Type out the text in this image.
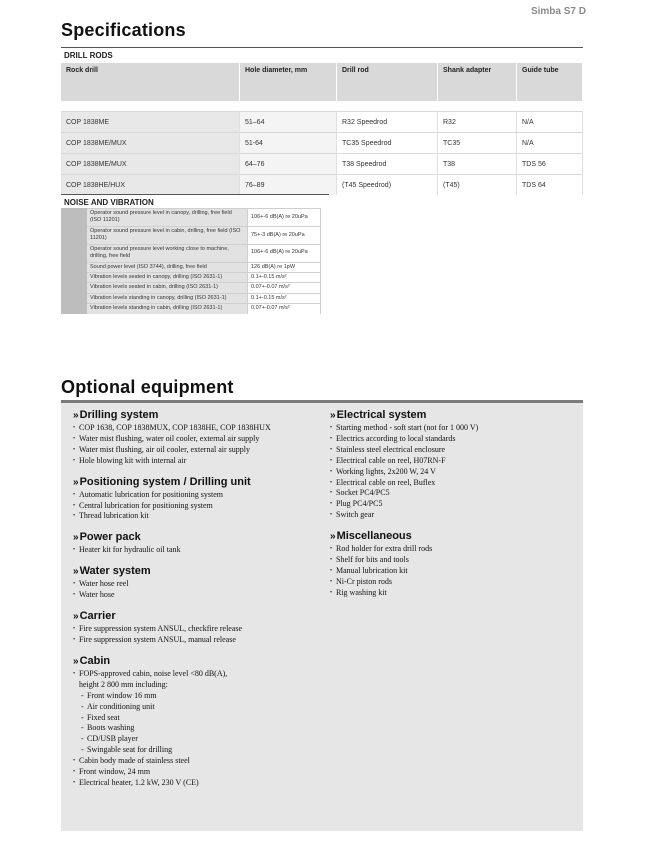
Simba S7 D
Specifications
DRILL RODS
Rock drill	Hole diameter, mm	Drill rod	Shank adapter	Guide tube

COP 1838ME	51–64	R32 Speedrod	R32	N/A
COP 1838ME/MUX	51-64	TC35 Speedrod	TC35	N/A
COP 1838ME/MUX	64–76	T38 Speedrod	T38	TDS 56
COP 1838HE/HUX	76–89	(T45 Speedrod)	(T45)	TDS 64
NOISE AND VIBRATION
	Operator sound pressure level in canopy, drilling, free field (ISO 11201)	106+-6 dB(A) re 20uPa
	Operator sound pressure level in cabin, drilling, free field (ISO 11201)	75+-3 dB(A) re 20uPa
	Operator sound pressure level working close to machine, drilling, free field	106+-6 dB(A) re 20uPa
	Sound power level (ISO 3744), drilling, free field	126 dB(A) re 1pW
	Vibration levels seated in canopy, drilling (ISO 2631-1)	0.1+-0.15 m/s²
	Vibration levels seated in cabin, drilling (ISO 2631-1)	0.07+-0.07 m/s²
	Vibration levels standing in canopy, drilling (ISO 2631-1)	0.1+-0.15 m/s²
	Vibration levels standing in cabin, drilling (ISO 2631-1)	0.07+-0.07 m/s²
Optional equipment
»Drilling system
• COP 1638, COP 1838MUX, COP 1838HE, COP 1838HUX
• Water mist flushing, water oil cooler, external air supply
• Water mist flushing, air oil cooler, external air supply
• Hole blowing kit with internal air
»Positioning system / Drilling unit
• Automatic lubrication for positioning system
• Central lubrication for positioning system
• Thread lubrication kit
»Power pack
• Heater kit for hydraulic oil tank
»Water system
• Water hose reel
• Water hose
»Carrier
• Fire suppression system ANSUL, checkfire release
• Fire suppression system ANSUL, manual release
»Cabin
• FOPS-approved cabin, noise level <80 dB(A),
height 2 800 mm including:
- Front window 16 mm
- Air conditioning unit
- Fixed seat
- Boots washing
- CD/USB player
- Swingable seat for drilling
• Cabin body made of stainless steel
• Front window, 24 mm
• Electrical heater, 1.2 kW, 230 V (CE)
»Electrical system
• Starting method - soft start (not for 1 000 V)
• Electrics according to local standards
• Stainless steel electrical enclosure
• Electrical cable on reel, H07RN-F
• Working lights, 2x200 W, 24 V
• Electrical cable on reel, Buflex
• Socket PC4/PC5
• Plug PC4/PC5
• Switch gear
»Miscellaneous
• Rod holder for extra drill rods
• Shelf for bits and tools
• Manual lubrication kit
• Ni-Cr piston rods
• Rig washing kit
